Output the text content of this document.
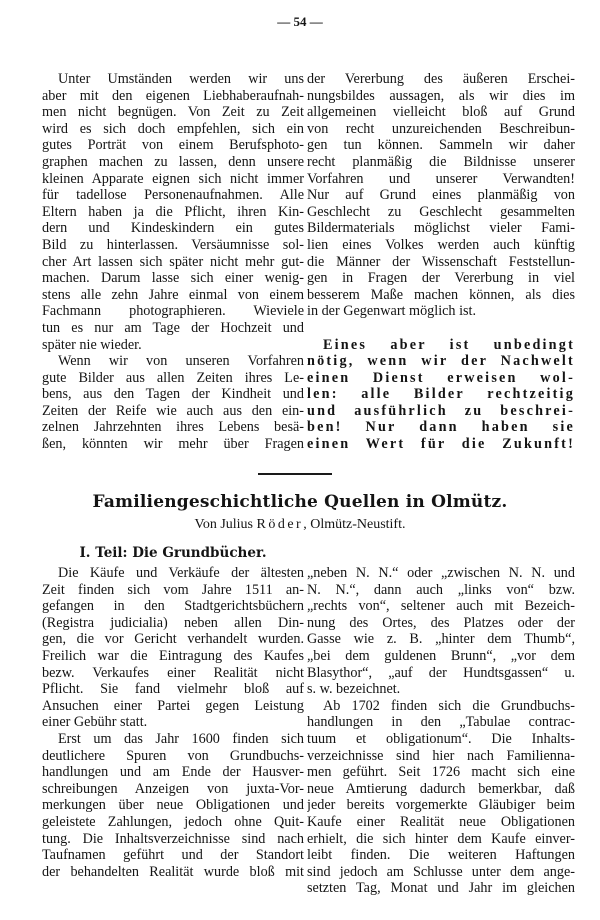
— 54 —
Unter Umständen werden wir uns
aber mit den eigenen Liebhaberaufnah-
men nicht begnügen. Von Zeit zu Zeit
wird es sich doch empfehlen, sich ein
gutes Porträt von einem Berufsphoto-
graphen machen zu lassen, denn unsere
kleinen Apparate eignen sich nicht immer
für tadellose Personenaufnahmen. Alle
Eltern haben ja die Pflicht, ihren Kin-
dern und Kindeskindern ein gutes
Bild zu hinterlassen. Versäumnisse sol-
cher Art lassen sich später nicht mehr gut-
machen. Darum lasse sich einer wenig-
stens alle zehn Jahre einmal von einem
Fachmann photographieren. Wieviele
tun es nur am Tage der Hochzeit und
später nie wieder.
Wenn wir von unseren Vorfahren
gute Bilder aus allen Zeiten ihres Le-
bens, aus den Tagen der Kindheit und
Zeiten der Reife wie auch aus den ein-
zelnen Jahrzehnten ihres Lebens besä-
ßen, könnten wir mehr über Fragen
der Vererbung des äußeren Erschei-
nungsbildes aussagen, als wir dies im
allgemeinen vielleicht bloß auf Grund
von recht unzureichenden Beschreibun-
gen tun können. Sammeln wir daher
recht planmäßig die Bildnisse unserer
Vorfahren und unserer Verwandten!
Nur auf Grund eines planmäßig von
Geschlecht zu Geschlecht gesammelten
Bildermaterials möglichst vieler Fami-
lien eines Volkes werden auch künftig
die Männer der Wissenschaft Feststellun-
gen in Fragen der Vererbung in viel
besserem Maße machen können, als dies
in der Gegenwart möglich ist.
Eines aber ist unbedingt
nötig, wenn wir der Nachwelt
einen Dienst erweisen wol-
len: alle Bilder rechtzeitig
und ausführlich zu beschrei-
ben! Nur dann haben sie
einen Wert für die Zukunft!
Familiengeschichtliche Quellen in Olmütz.
Von Julius Röder, Olmütz-Neustift.
I. Teil: Die Grundbücher.
Die Käufe und Verkäufe der ältesten
Zeit finden sich vom Jahre 1511 an-
gefangen in den Stadtgerichtsbüchern
(Registra judicialia) neben allen Din-
gen, die vor Gericht verhandelt wurden.
Freilich war die Eintragung des Kaufes
bezw. Verkaufes einer Realität nicht
Pflicht. Sie fand vielmehr bloß auf
Ansuchen einer Partei gegen Leistung
einer Gebühr statt.
Erst um das Jahr 1600 finden sich
deutlichere Spuren von Grundbuchs-
handlungen und am Ende der Hausver-
schreibungen Anzeigen von juxta-Vor-
merkungen über neue Obligationen und
geleistete Zahlungen, jedoch ohne Quit-
tung. Die Inhaltsverzeichnisse sind nach
Taufnamen geführt und der Standort
der behandelten Realität wurde bloß mit
„neben N. N.“ oder „zwischen N. N. und
N. N.“, dann auch „links von“ bzw.
„rechts von“, seltener auch mit Bezeich-
nung des Ortes, des Platzes oder der
Gasse wie z. B. „hinter dem Thumb“,
„bei dem guldenen Brunn“, „vor dem
Blasythor“, „auf der Hundtsgassen“ u.
s. w. bezeichnet.
Ab 1702 finden sich die Grundbuchs-
handlungen in den „Tabulae contrac-
tuum et obligationum“. Die Inhalts-
verzeichnisse sind hier nach Familienna-
men geführt. Seit 1726 macht sich eine
neue Amtierung dadurch bemerkbar, daß
jeder bereits vorgemerkte Gläubiger beim
Kaufe einer Realität neue Obligationen
erhielt, die sich hinter dem Kaufe einver-
leibt finden. Die weiteren Haftungen
sind jedoch am Schlusse unter dem ange-
setzten Tag, Monat und Jahr im gleichen
